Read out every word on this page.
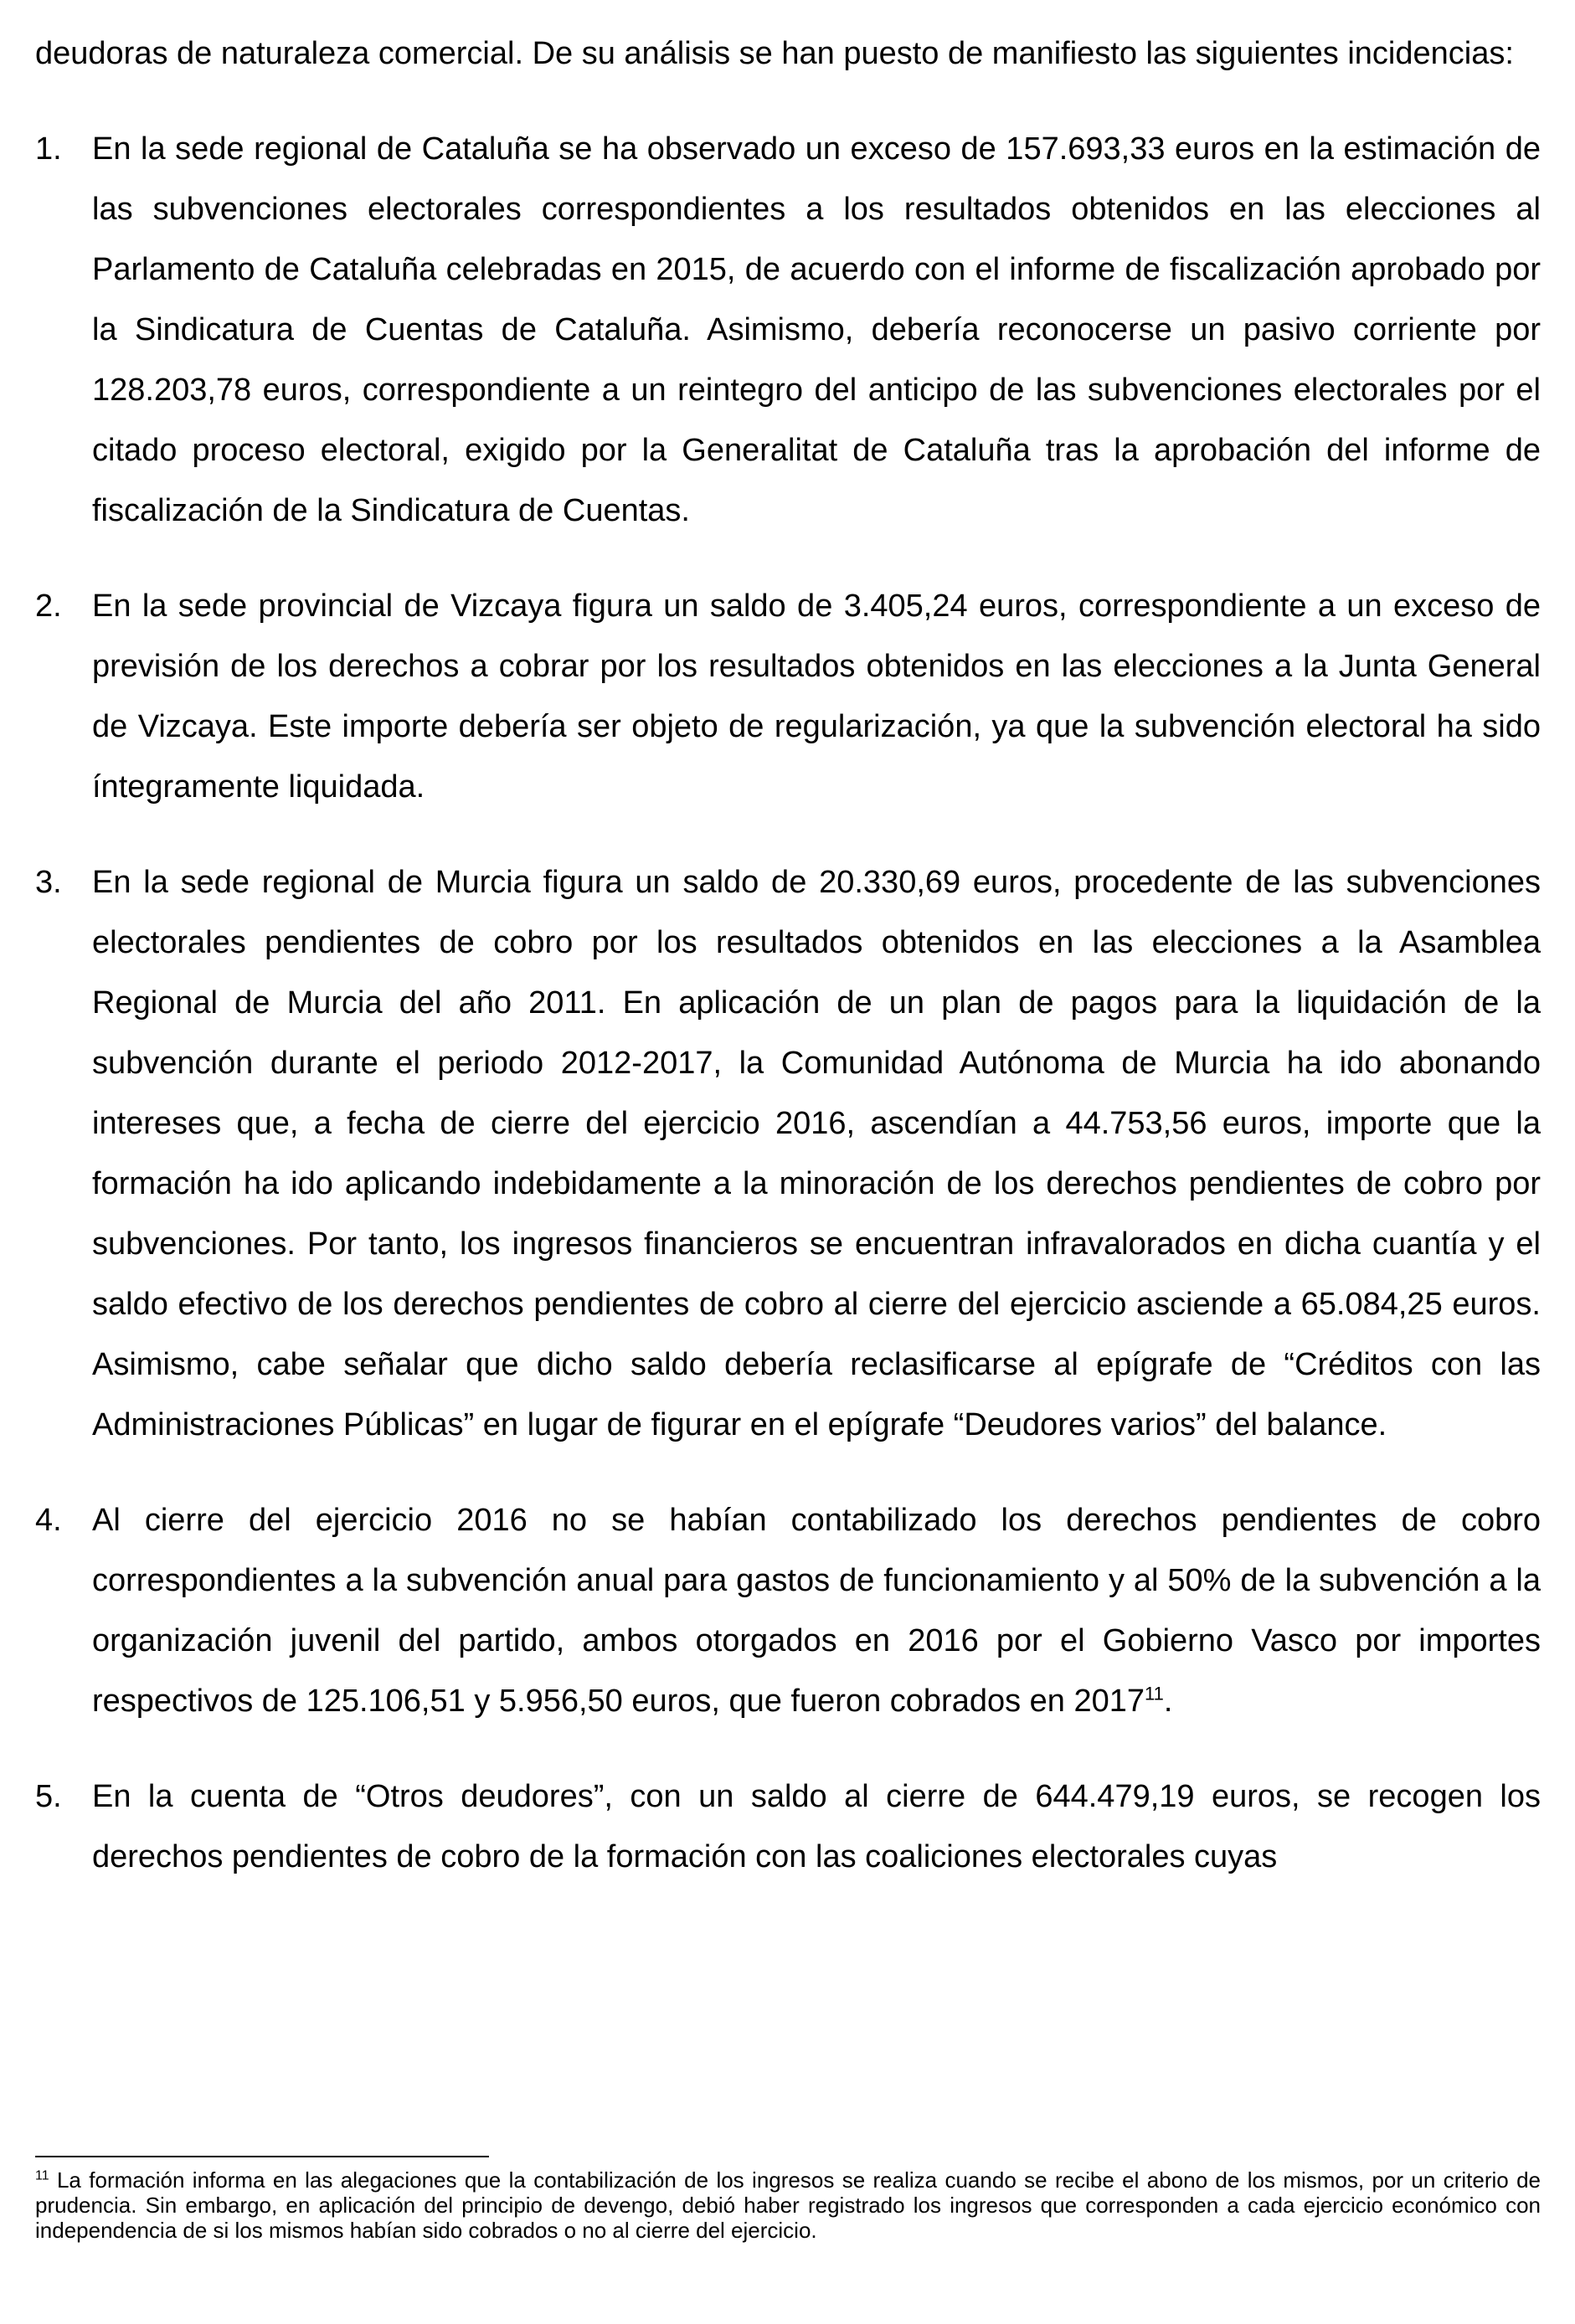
deudoras de naturaleza comercial. De su análisis se han puesto de manifiesto las siguientes incidencias:

1. En la sede regional de Cataluña se ha observado un exceso de 157.693,33 euros en la estimación de las subvenciones electorales correspondientes a los resultados obtenidos en las elecciones al Parlamento de Cataluña celebradas en 2015, de acuerdo con el informe de fiscalización aprobado por la Sindicatura de Cuentas de Cataluña. Asimismo, debería reconocerse un pasivo corriente por 128.203,78 euros, correspondiente a un reintegro del anticipo de las subvenciones electorales por el citado proceso electoral, exigido por la Generalitat de Cataluña tras la aprobación del informe de fiscalización de la Sindicatura de Cuentas.

2. En la sede provincial de Vizcaya figura un saldo de 3.405,24 euros, correspondiente a un exceso de previsión de los derechos a cobrar por los resultados obtenidos en las elecciones a la Junta General de Vizcaya. Este importe debería ser objeto de regularización, ya que la subvención electoral ha sido íntegramente liquidada.

3. En la sede regional de Murcia figura un saldo de 20.330,69 euros, procedente de las subvenciones electorales pendientes de cobro por los resultados obtenidos en las elecciones a la Asamblea Regional de Murcia del año 2011. En aplicación de un plan de pagos para la liquidación de la subvención durante el periodo 2012-2017, la Comunidad Autónoma de Murcia ha ido abonando intereses que, a fecha de cierre del ejercicio 2016, ascendían a 44.753,56 euros, importe que la formación ha ido aplicando indebidamente a la minoración de los derechos pendientes de cobro por subvenciones. Por tanto, los ingresos financieros se encuentran infravalorados en dicha cuantía y el saldo efectivo de los derechos pendientes de cobro al cierre del ejercicio asciende a 65.084,25 euros. Asimismo, cabe señalar que dicho saldo debería reclasificarse al epígrafe de “Créditos con las Administraciones Públicas” en lugar de figurar en el epígrafe “Deudores varios” del balance.

4. Al cierre del ejercicio 2016 no se habían contabilizado los derechos pendientes de cobro correspondientes a la subvención anual para gastos de funcionamiento y al 50% de la subvención a la organización juvenil del partido, ambos otorgados en 2016 por el Gobierno Vasco por importes respectivos de 125.106,51 y 5.956,50 euros, que fueron cobrados en 2017$^{11}$.

5. En la cuenta de “Otros deudores”, con un saldo al cierre de 644.479,19 euros, se recogen los derechos pendientes de cobro de la formación con las coaliciones electorales cuyas

$^{11}$ La formación informa en las alegaciones que la contabilización de los ingresos se realiza cuando se recibe el abono de los mismos, por un criterio de prudencia. Sin embargo, en aplicación del principio de devengo, debió haber registrado los ingresos que corresponden a cada ejercicio económico con independencia de si los mismos habían sido cobrados o no al cierre del ejercicio.
